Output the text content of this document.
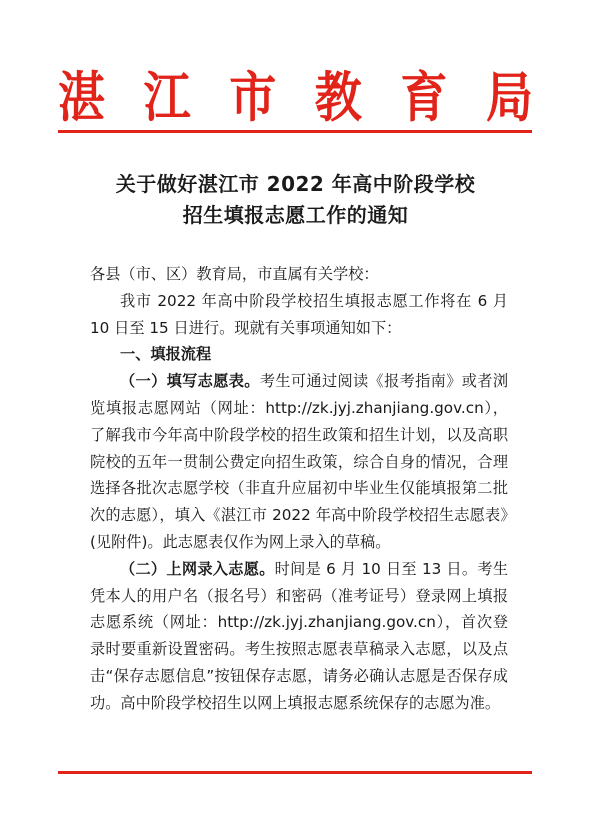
湛 江 市 教 育 局
关于做好湛江市 2022 年高中阶段学校
招生填报志愿工作的通知

各县（市、区）教育局，市直属有关学校：

我市 2022 年高中阶段学校招生填报志愿工作将在 6 月 10 日至 15 日进行。现就有关事项通知如下：

一、填报流程

（一）填写志愿表。考生可通过阅读《报考指南》或者浏览填报志愿网站（网址：http://zk.jyj.zhanjiang.gov.cn），了解我市今年高中阶段学校的招生政策和招生计划，以及高职院校的五年一贯制公费定向招生政策，综合自身的情况，合理选择各批次志愿学校（非直升应届初中毕业生仅能填报第二批次的志愿），填入《湛江市 2022 年高中阶段学校招生志愿表》(见附件)。此志愿表仅作为网上录入的草稿。

（二）上网录入志愿。时间是 6 月 10 日至 13 日。考生凭本人的用户名（报名号）和密码（准考证号）登录网上填报志愿系统（网址：http://zk.jyj.zhanjiang.gov.cn），首次登录时要重新设置密码。考生按照志愿表草稿录入志愿，以及点击“保存志愿信息”按钮保存志愿，请务必确认志愿是否保存成功。高中阶段学校招生以网上填报志愿系统保存的志愿为准。
